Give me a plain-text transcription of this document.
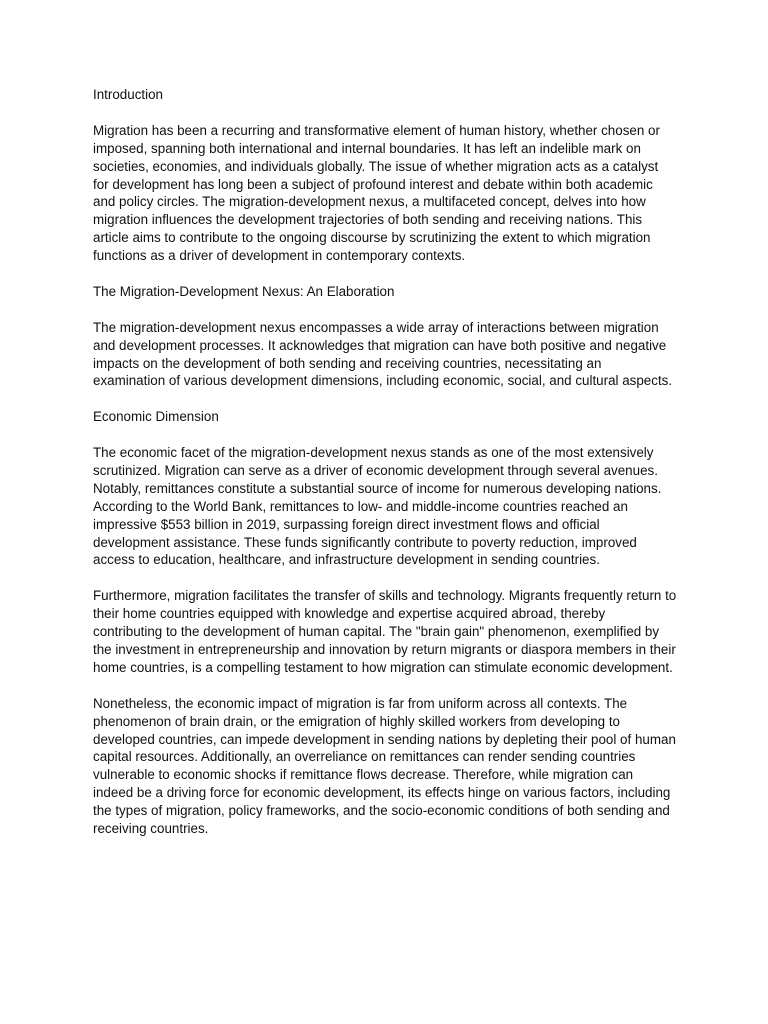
Introduction

Migration has been a recurring and transformative element of human history, whether chosen or imposed, spanning both international and internal boundaries. It has left an indelible mark on societies, economies, and individuals globally. The issue of whether migration acts as a catalyst for development has long been a subject of profound interest and debate within both academic and policy circles. The migration-development nexus, a multifaceted concept, delves into how migration influences the development trajectories of both sending and receiving nations. This article aims to contribute to the ongoing discourse by scrutinizing the extent to which migration functions as a driver of development in contemporary contexts.

The Migration-Development Nexus: An Elaboration

The migration-development nexus encompasses a wide array of interactions between migration and development processes. It acknowledges that migration can have both positive and negative impacts on the development of both sending and receiving countries, necessitating an examination of various development dimensions, including economic, social, and cultural aspects.

Economic Dimension

The economic facet of the migration-development nexus stands as one of the most extensively scrutinized. Migration can serve as a driver of economic development through several avenues. Notably, remittances constitute a substantial source of income for numerous developing nations. According to the World Bank, remittances to low- and middle-income countries reached an impressive $553 billion in 2019, surpassing foreign direct investment flows and official development assistance. These funds significantly contribute to poverty reduction, improved access to education, healthcare, and infrastructure development in sending countries.

Furthermore, migration facilitates the transfer of skills and technology. Migrants frequently return to their home countries equipped with knowledge and expertise acquired abroad, thereby contributing to the development of human capital. The "brain gain" phenomenon, exemplified by the investment in entrepreneurship and innovation by return migrants or diaspora members in their home countries, is a compelling testament to how migration can stimulate economic development.

Nonetheless, the economic impact of migration is far from uniform across all contexts. The phenomenon of brain drain, or the emigration of highly skilled workers from developing to developed countries, can impede development in sending nations by depleting their pool of human capital resources. Additionally, an overreliance on remittances can render sending countries vulnerable to economic shocks if remittance flows decrease. Therefore, while migration can indeed be a driving force for economic development, its effects hinge on various factors, including the types of migration, policy frameworks, and the socio-economic conditions of both sending and receiving countries.
